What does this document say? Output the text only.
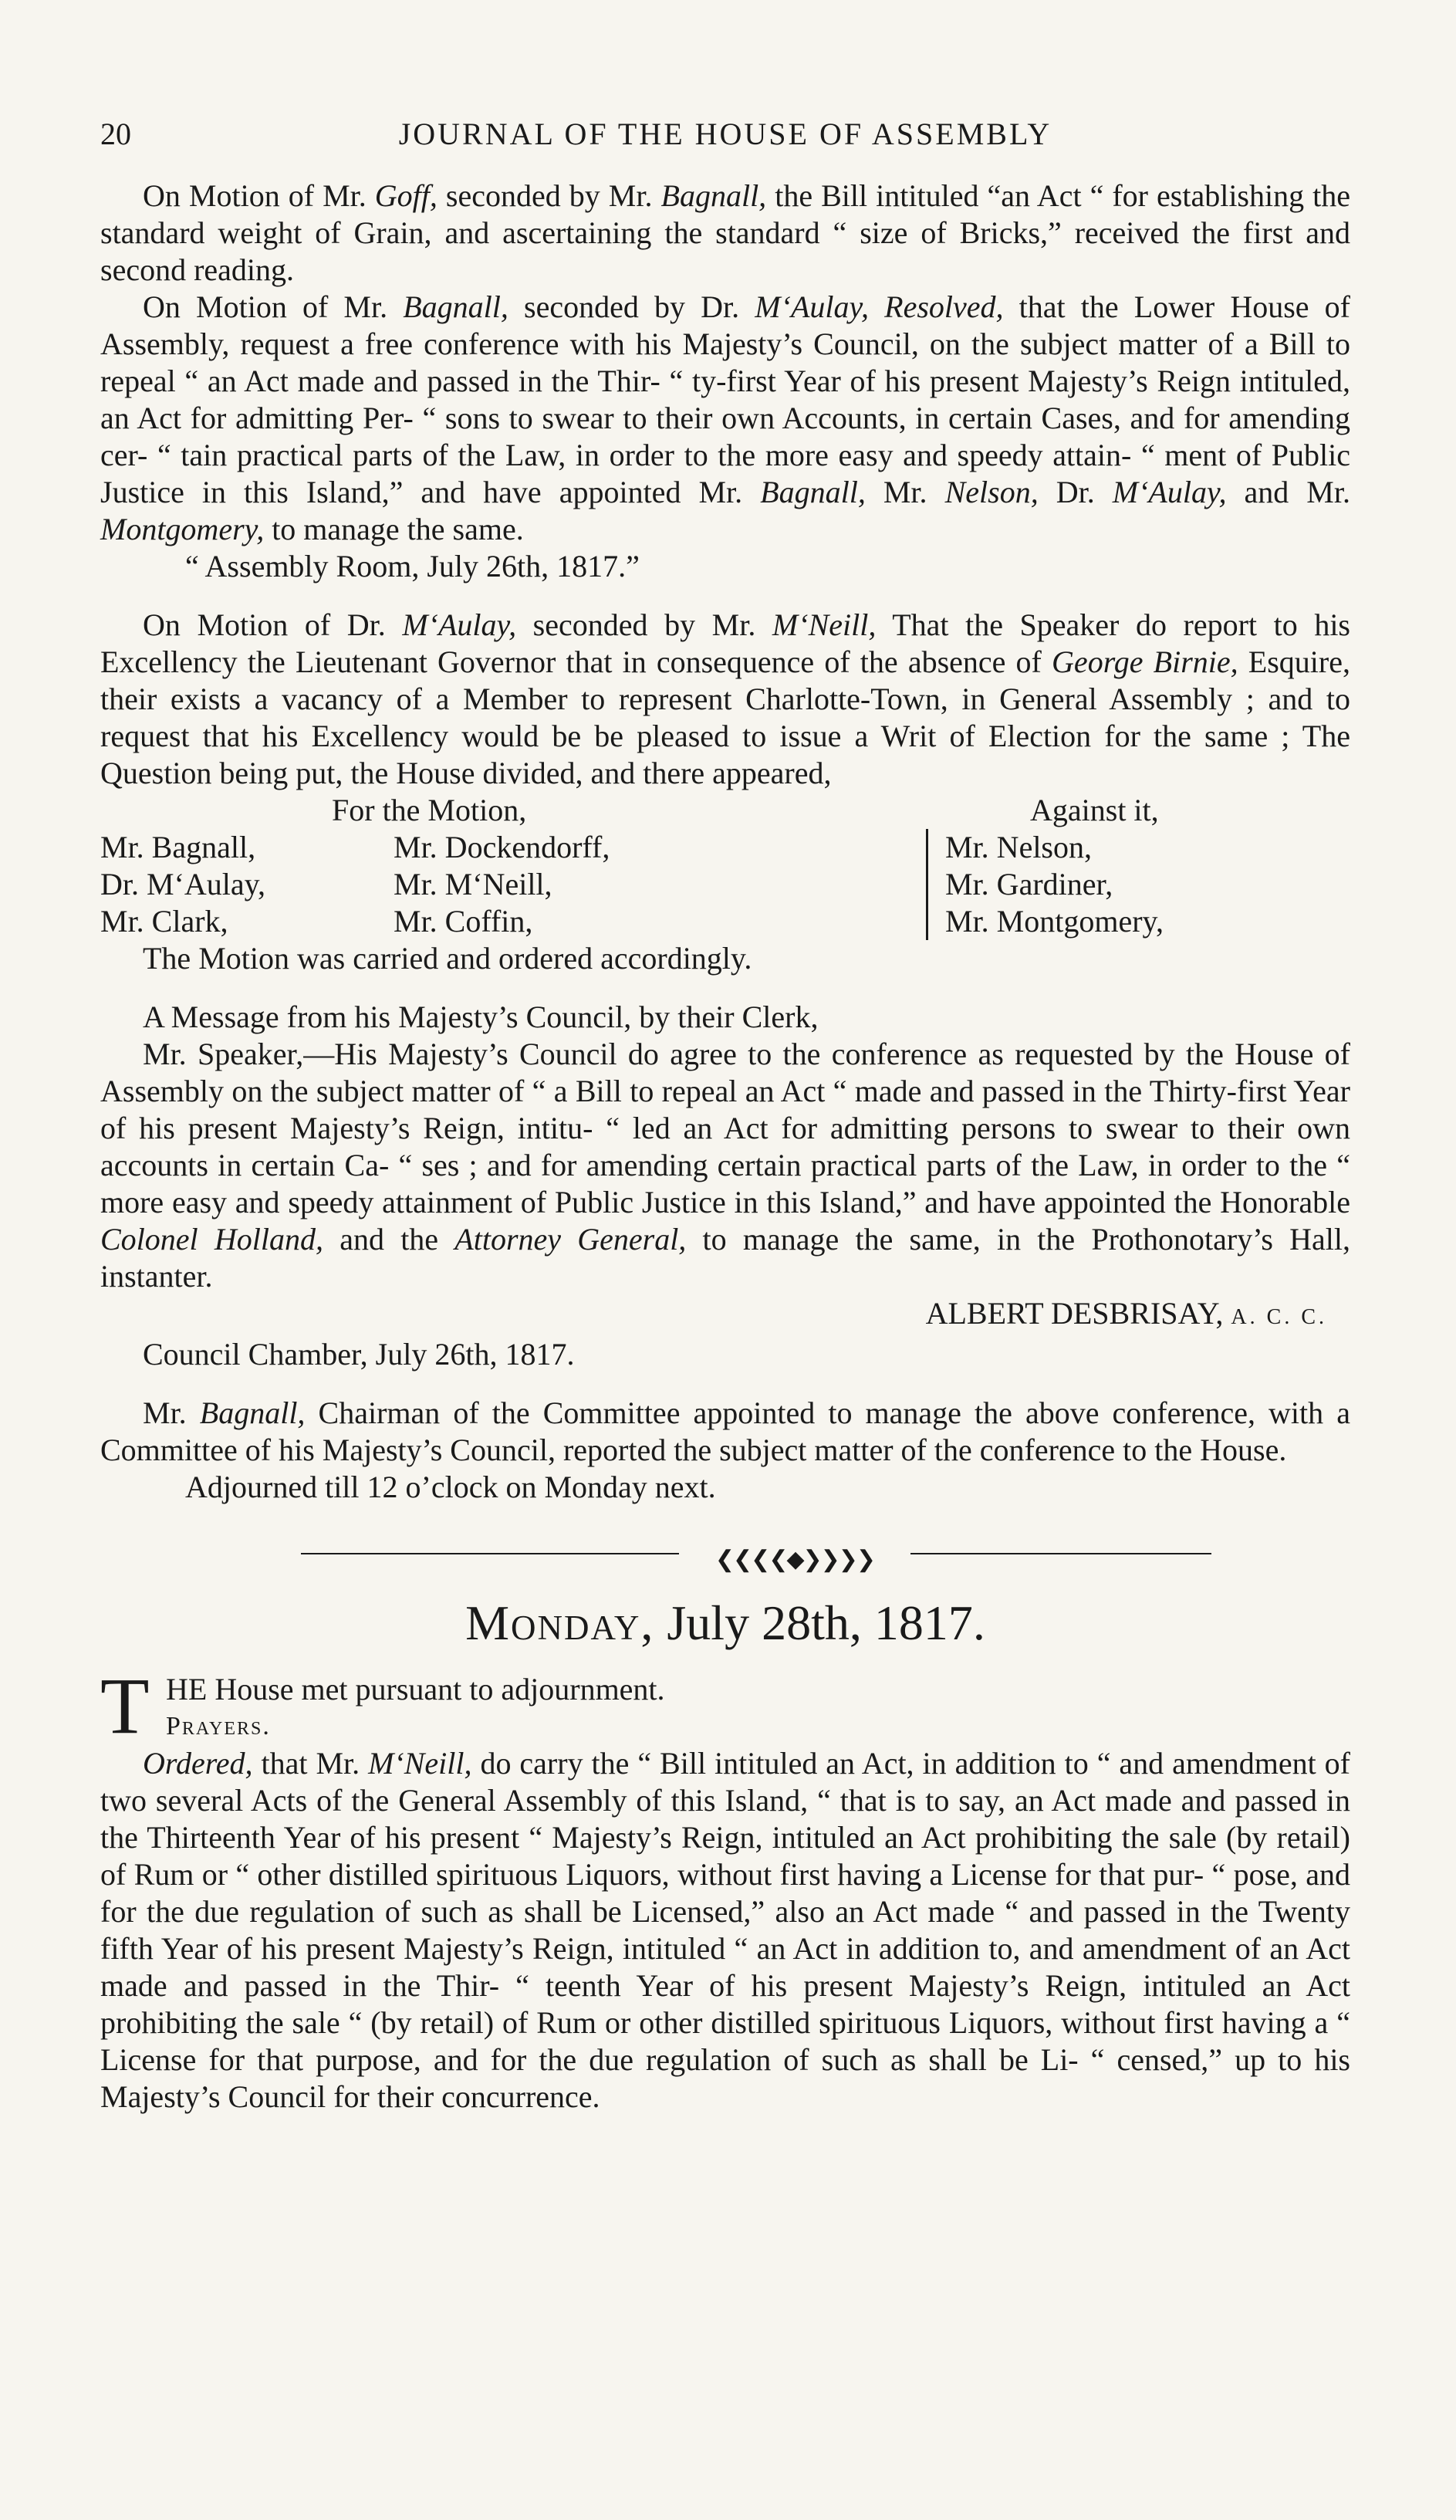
20	JOURNAL OF THE HOUSE OF ASSEMBLY

On Motion of Mr. Goff, seconded by Mr. Bagnall, the Bill intituled “an Act “ for establishing the standard weight of Grain, and ascertaining the standard “ size of Bricks,” received the first and second reading.

On Motion of Mr. Bagnall, seconded by Dr. M‘Aulay, Resolved, that the Lower House of Assembly, request a free conference with his Majesty’s Council, on the subject matter of a Bill to repeal “ an Act made and passed in the Thir- “ ty-first Year of his present Majesty’s Reign intituled, an Act for admitting Per- “ sons to swear to their own Accounts, in certain Cases, and for amending cer- “ tain practical parts of the Law, in order to the more easy and speedy attain- “ ment of Public Justice in this Island,” and have appointed Mr. Bagnall, Mr. Nelson, Dr. M‘Aulay, and Mr. Montgomery, to manage the same.

“ Assembly Room, July 26th, 1817.”

On Motion of Dr. M‘Aulay, seconded by Mr. M‘Neill, That the Speaker do report to his Excellency the Lieutenant Governor that in consequence of the absence of George Birnie, Esquire, their exists a vacancy of a Member to represent Charlotte-Town, in General Assembly ; and to request that his Excellency would be be pleased to issue a Writ of Election for the same ; The Question being put, the House divided, and there appeared,

For the Motion,	Against it,
Mr. Bagnall,
Dr. M‘Aulay,
Mr. Clark,
Mr. Dockendorff,
Mr. M‘Neill,
Mr. Coffin,
Mr. Nelson,
Mr. Gardiner,
Mr. Montgomery,

The Motion was carried and ordered accordingly.

A Message from his Majesty’s Council, by their Clerk,

Mr. Speaker,—His Majesty’s Council do agree to the conference as requested by the House of Assembly on the subject matter of “ a Bill to repeal an Act “ made and passed in the Thirty-first Year of his present Majesty’s Reign, intitu- “ led an Act for admitting persons to swear to their own accounts in certain Ca- “ ses ; and for amending certain practical parts of the Law, in order to the “ more easy and speedy attainment of Public Justice in this Island,” and have appointed the Honorable Colonel Holland, and the Attorney General, to manage the same, in the Prothonotary’s Hall, instanter.

ALBERT DESBRISAY, A. C. C.

Council Chamber, July 26th, 1817.

Mr. Bagnall, Chairman of the Committee appointed to manage the above conference, with a Committee of his Majesty’s Council, reported the subject matter of the conference to the House.

Adjourned till 12 o’clock on Monday next.

❮❮❮❮◆❯❯❯❯
Monday, July 28th, 1817.
T HE House met pursuant to adjournment.

Prayers.

Ordered, that Mr. M‘Neill, do carry the “ Bill intituled an Act, in addition to “ and amendment of two several Acts of the General Assembly of this Island, “ that is to say, an Act made and passed in the Thirteenth Year of his present “ Majesty’s Reign, intituled an Act prohibiting the sale (by retail) of Rum or “ other distilled spirituous Liquors, without first having a License for that pur- “ pose, and for the due regulation of such as shall be Licensed,” also an Act made “ and passed in the Twenty fifth Year of his present Majesty’s Reign, intituled “ an Act in addition to, and amendment of an Act made and passed in the Thir- “ teenth Year of his present Majesty’s Reign, intituled an Act prohibiting the sale “ (by retail) of Rum or other distilled spirituous Liquors, without first having a “ License for that purpose, and for the due regulation of such as shall be Li- “ censed,” up to his Majesty’s Council for their concurrence.
